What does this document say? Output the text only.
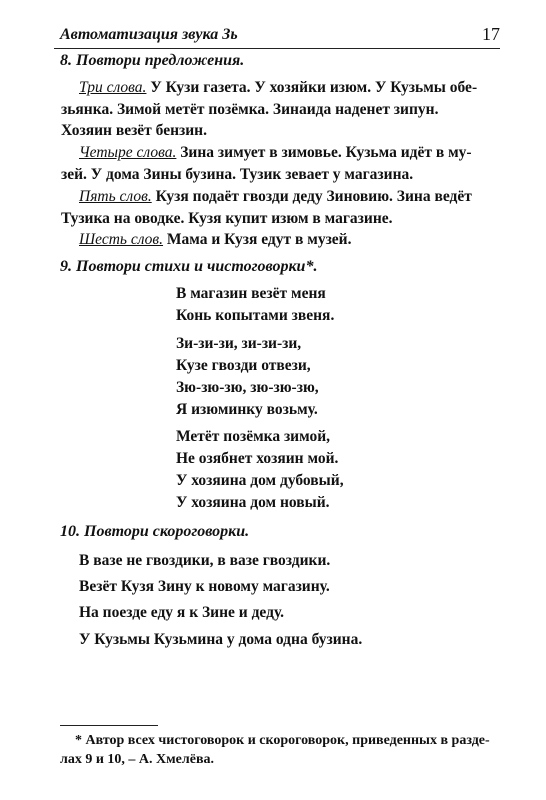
Автоматизация звука Зь	17
8. Повтори предложения.
Три слова. У Кузи газета. У хозяйки изюм. У Кузьмы обе-
зьянка. Зимой метёт позёмка. Зинаида наденет зипун.
Хозяин везёт бензин.
Четыре слова. Зина зимует в зимовье. Кузьма идёт в му-
зей. У дома Зины бузина. Тузик зевает у магазина.
Пять слов. Кузя подаёт гвозди деду Зиновию. Зина ведёт
Тузика на оводке. Кузя купит изюм в магазине.
Шесть слов. Мама и Кузя едут в музей.
9. Повтори стихи и чистоговорки*.
В магазин везёт меня
Конь копытами звеня.
Зи-зи-зи, зи-зи-зи,
Кузе гвозди отвези,
Зю-зю-зю, зю-зю-зю,
Я изюминку возьму.
Метёт позёмка зимой,
Не озябнет хозяин мой.
У хозяина дом дубовый,
У хозяина дом новый.
10. Повтори скороговорки.
В вазе не гвоздики, в вазе гвоздики.
Везёт Кузя Зину к новому магазину.
На поезде еду я к Зине и деду.
У Кузьмы Кузьмина у дома одна бузина.
* Автор всех чистоговорок и скороговорок, приведенных в разде-
лах 9 и 10, – А. Хмелёва.
